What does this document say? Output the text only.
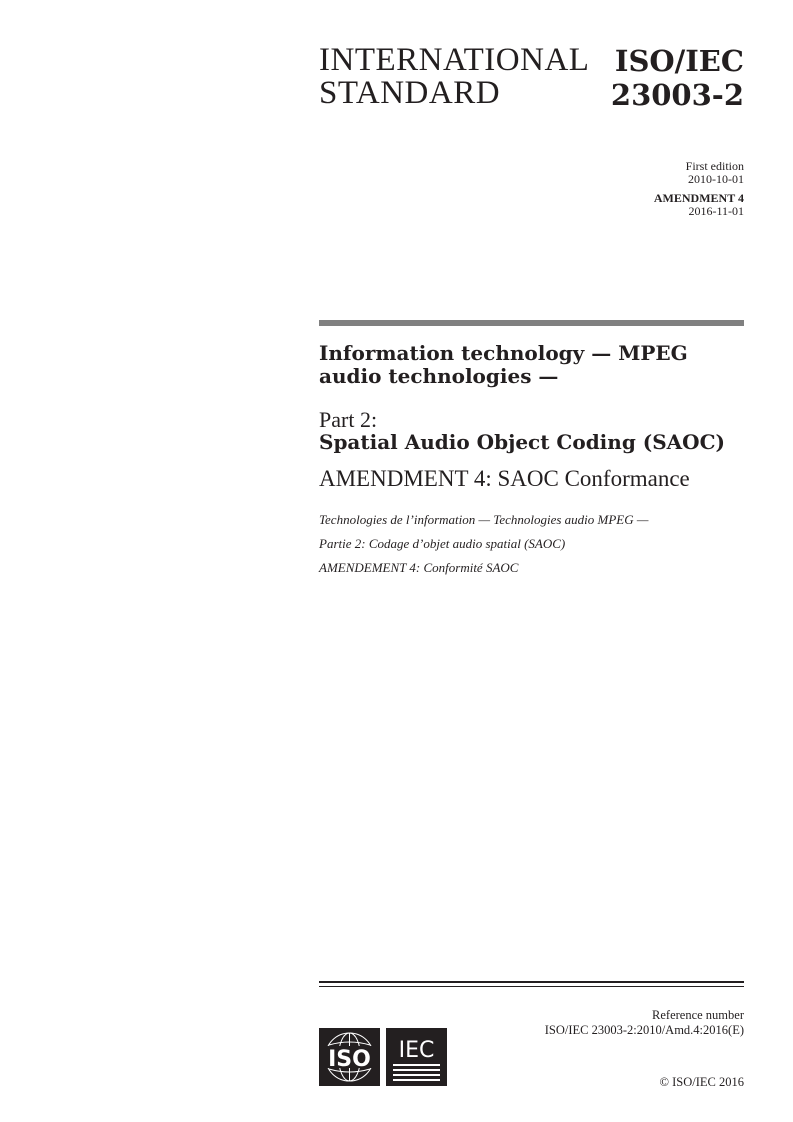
INTERNATIONAL
STANDARD
ISO/IEC
23003-2
First edition
2010-10-01
AMENDMENT 4
2016-11-01
Information technology — MPEG
audio technologies —
Part 2:
Spatial Audio Object Coding (SAOC)
AMENDMENT 4: SAOC Conformance
Technologies de l’information — Technologies audio MPEG —
Partie 2: Codage d’objet audio spatial (SAOC)
AMENDEMENT 4: Conformité SAOC
Reference number
ISO/IEC 23003-2:2010/Amd.4:2016(E)
ISO IEC
© ISO/IEC 2016
